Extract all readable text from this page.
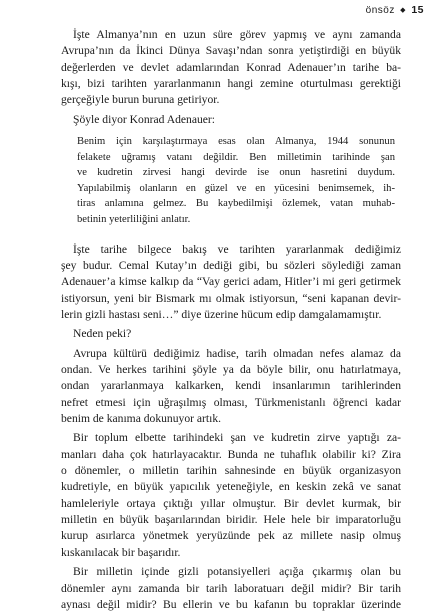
önsöz ◆ 15
İşte Almanya’nın en uzun süre görev yapmış ve aynı zamanda
Avrupa’nın da İkinci Dünya Savaşı’ndan sonra yetiştirdiği en büyük
değerlerden ve devlet adamlarından Konrad Adenauer’ın tarihe ba-
kışı, bizi tarihten yararlanmanın hangi zemine oturtulması gerektiği
gerçeğiyle burun buruna getiriyor.
Şöyle diyor Konrad Adenauer:
Benim için karşılaştırmaya esas olan Almanya, 1944 sonunun
felakete uğramış vatanı değildir. Ben milletimin tarihinde şan
ve kudretin zirvesi hangi devirde ise onun hasretini duydum.
Yapılabilmiş olanların en güzel ve en yücesini benimsemek, ih-
tiras anlamına gelmez. Bu kaybedilmişi özlemek, vatan muhab-
betinin yeterliliğini anlatır.
İşte tarihe bilgece bakış ve tarihten yararlanmak dediğimiz
şey budur. Cemal Kutay’ın dediği gibi, bu sözleri söylediği zaman
Adenauer’a kimse kalkıp da “Vay gerici adam, Hitler’i mi geri getirmek
istiyorsun, yeni bir Bismark mı olmak istiyorsun, “seni kapanan devir-
lerin gizli hastası seni…” diye üzerine hücum edip damgalamamıştır.
Neden peki?
Avrupa kültürü dediğimiz hadise, tarih olmadan nefes alamaz da
ondan. Ve herkes tarihini şöyle ya da böyle bilir, onu hatırlatmaya,
ondan yararlanmaya kalkarken, kendi insanlarımın tarihlerinden
nefret etmesi için uğraşılmış olması, Türkmenistanlı öğrenci kadar
benim de kanıma dokunuyor artık.
Bir toplum elbette tarihindeki şan ve kudretin zirve yaptığı za-
manları daha çok hatırlayacaktır. Bunda ne tuhaflık olabilir ki? Zira
o dönemler, o milletin tarihin sahnesinde en büyük organizasyon
kudretiyle, en büyük yapıcılık yeteneğiyle, en keskin zekâ ve sanat
hamleleriyle ortaya çıktığı yıllar olmuştur. Bir devlet kurmak, bir
milletin en büyük başarılarından biridir. Hele hele bir imparatorluğu
kurup asırlarca yönetmek yeryüzünde pek az millete nasip olmuş
kıskanılacak bir başarıdır.
Bir milletin içinde gizli potansiyelleri açığa çıkarmış olan bu
dönemler aynı zamanda bir tarih laboratuarı değil midir? Bir tarih
aynası değil midir? Bu ellerin ve bu kafanın bu topraklar üzerinde
